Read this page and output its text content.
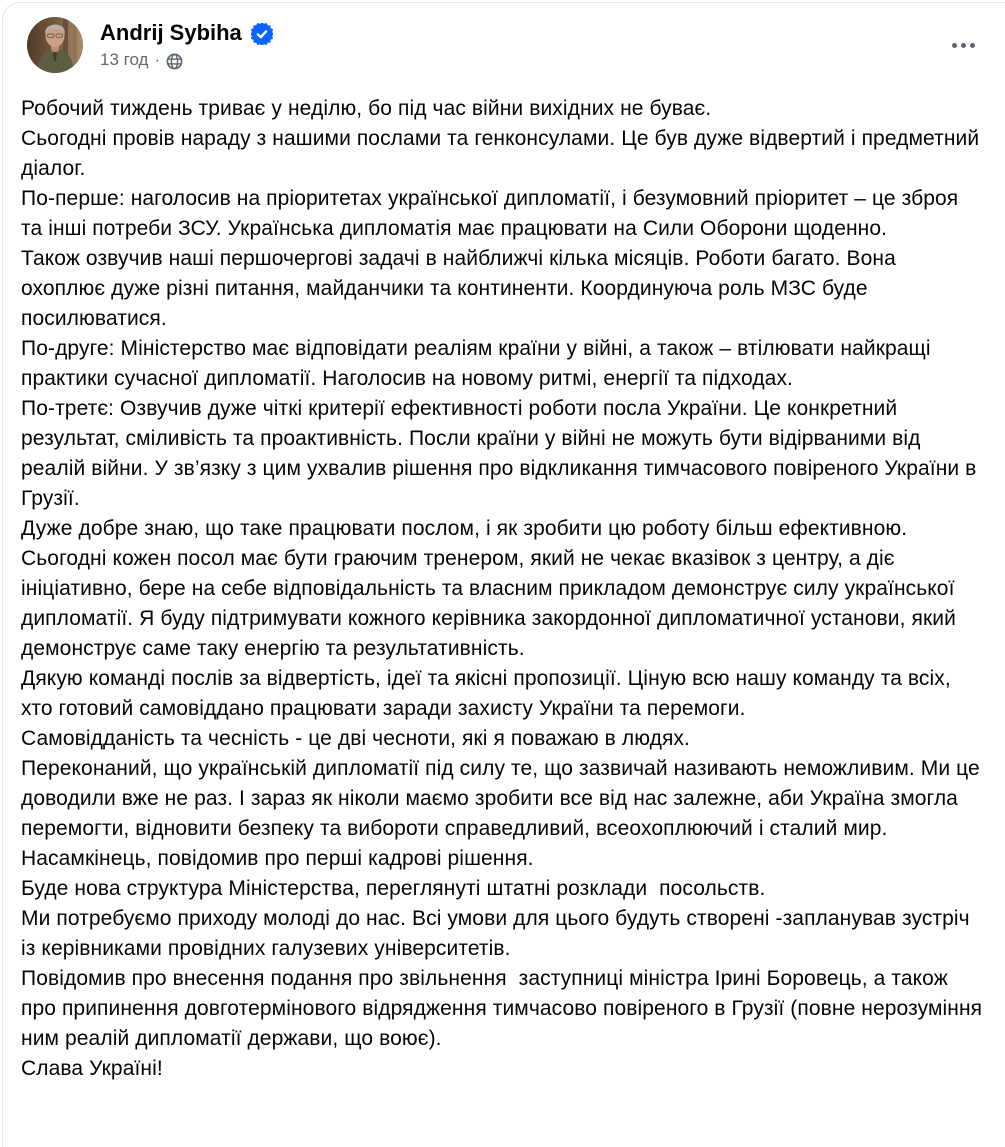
Andrij Sybiha
13 год ·

Робочий тиждень триває у неділю, бо під час війни вихідних не буває.

Сьогодні провів нараду з нашими послами та генконсулами. Це був дуже відвертий і предметний діалог.

По-перше: наголосив на пріоритетах української дипломатії, і безумовний пріоритет – це зброя та інші потреби ЗСУ. Українська дипломатія має працювати на Сили Оборони щоденно.

Також озвучив наші першочергові задачі в найближчі кілька місяців. Роботи багато. Вона охоплює дуже різні питання, майданчики та континенти. Координуюча роль МЗС буде посилюватися.

По-друге: Міністерство має відповідати реаліям країни у війні, а також – втілювати найкращі практики сучасної дипломатії. Наголосив на новому ритмі, енергії та підходах.

По-третє: Озвучив дуже чіткі критерії ефективності роботи посла України. Це конкретний результат, сміливість та проактивність. Посли країни у війні не можуть бути відірваними від реалій війни. У зв’язку з цим ухвалив рішення про відкликання тимчасового повіреного України в Грузії.

Дуже добре знаю, що таке працювати послом, і як зробити цю роботу більш ефективною.

Сьогодні кожен посол має бути граючим тренером, який не чекає вказівок з центру, а діє ініціативно, бере на себе відповідальність та власним прикладом демонструє силу української дипломатії. Я буду підтримувати кожного керівника закордонної дипломатичної установи, який демонструє саме таку енергію та результативність.

Дякую команді послів за відвертість, ідеї та якісні пропозиції. Ціную всю нашу команду та всіх, хто готовий самовіддано працювати заради захисту України та перемоги.

Самовідданість та чесність - це дві чесноти, які я поважаю в людях.

Переконаний, що українській дипломатії під силу те, що зазвичай називають неможливим. Ми це доводили вже не раз. І зараз як ніколи маємо зробити все від нас залежне, аби Україна змогла перемогти, відновити безпеку та вибороти справедливий, всеохоплюючий і сталий мир.

Насамкінець, повідомив про перші кадрові рішення.

Буде нова структура Міністерства, переглянуті штатні розклади  посольств.

Ми потребуємо приходу молоді до нас. Всі умови для цього будуть створені -запланував зустріч із керівниками провідних галузевих університетів.

Повідомив про внесення подання про звільнення  заступниці міністра Ірині Боровець, а також про припинення довготермінового відрядження тимчасово повіреного в Грузії (повне нерозуміння ним реалій дипломатії держави, що воює).

Слава Україні!
